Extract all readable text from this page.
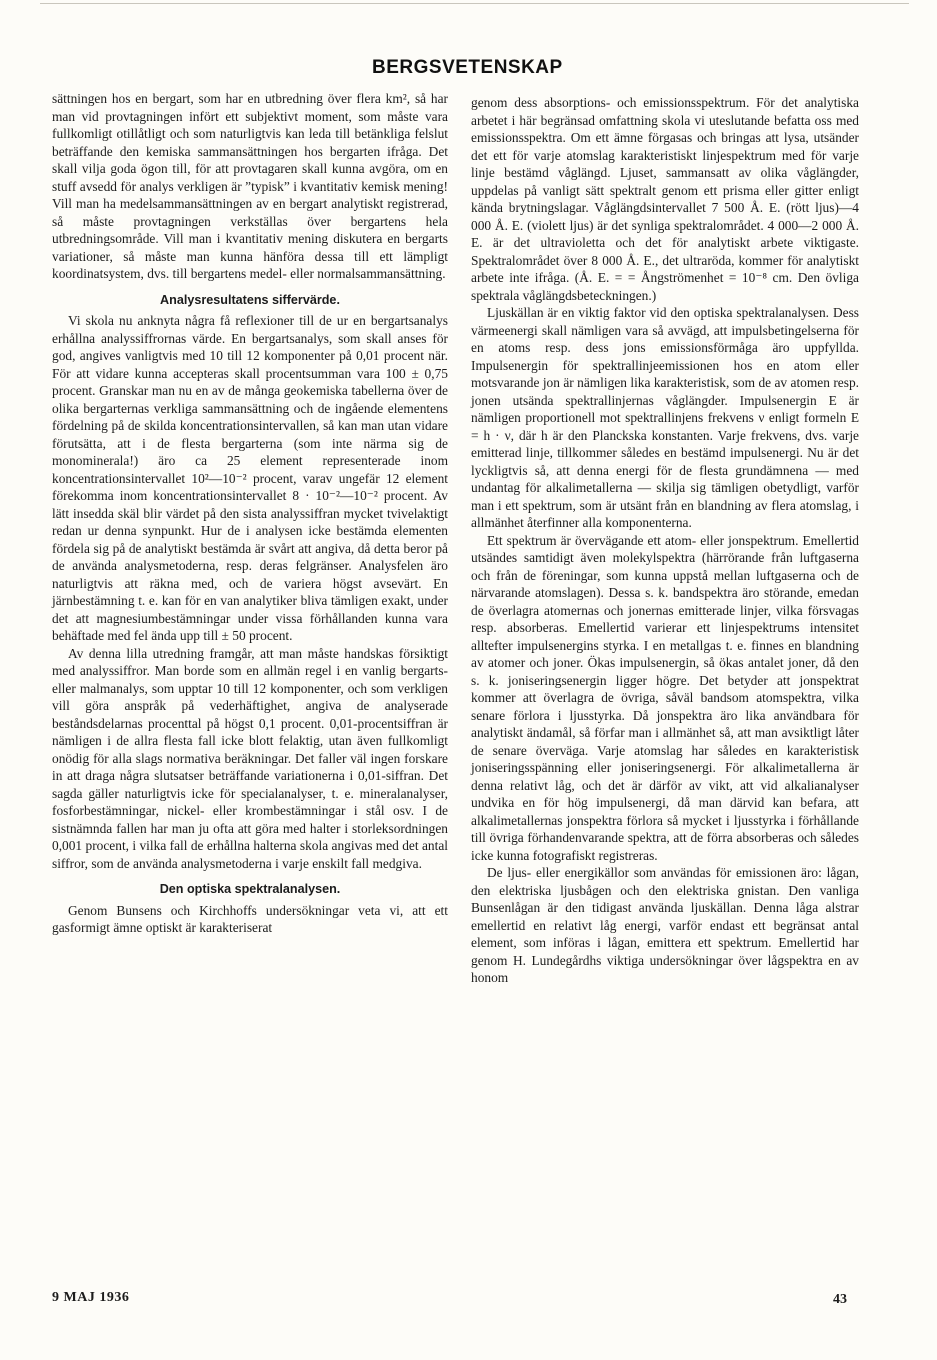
BERGSVETENSKAP

sättningen hos en bergart, som har en utbredning över flera km², så har man vid provtagningen infört ett subjektivt moment, som måste vara fullkomligt otillåtligt och som naturligtvis kan leda till betänkliga felslut beträffande den kemiska sammansättningen hos bergarten ifråga. Det skall vilja goda ögon till, för att provtagaren skall kunna avgöra, om en stuff avsedd för analys verkligen är ”typisk” i kvantitativ kemisk mening! Vill man ha medelsammansättningen av en bergart analytiskt registrerad, så måste provtagningen verkställas över bergartens hela utbredningsområde. Vill man i kvantitativ mening diskutera en bergarts variationer, så måste man kunna hänföra dessa till ett lämpligt koordinatsystem, dvs. till bergartens medel- eller normalsammansättning.

Analysresultatens siffervärde.

Vi skola nu anknyta några få reflexioner till de ur en bergartsanalys erhållna analyssiffrornas värde. En bergartsanalys, som skall anses för god, angives vanligtvis med 10 till 12 komponenter på 0,01 procent när. För att vidare kunna accepteras skall procentsumman vara 100 ± 0,75 procent. Granskar man nu en av de många geokemiska tabellerna över de olika bergarternas verkliga sammansättning och de ingående elementens fördelning på de skilda koncentrationsintervallen, så kan man utan vidare förutsätta, att i de flesta bergarterna (som inte närma sig de monominerala!) äro ca 25 element representerade inom koncentrationsintervallet 10²—10⁻² procent, varav ungefär 12 element förekomma inom koncentrationsintervallet 8 · 10⁻²—10⁻² procent. Av lätt insedda skäl blir värdet på den sista analyssiffran mycket tvivelaktigt redan ur denna synpunkt. Hur de i analysen icke bestämda elementen fördela sig på de analytiskt bestämda är svårt att angiva, då detta beror på de använda analysmetoderna, resp. deras felgränser. Analysfelen äro naturligtvis att räkna med, och de variera högst avsevärt. En järnbestämning t. e. kan för en van analytiker bliva tämligen exakt, under det att magnesiumbestämningar under vissa förhållanden kunna vara behäftade med fel ända upp till ± 50 procent.

Av denna lilla utredning framgår, att man måste handskas försiktigt med analyssiffror. Man borde som en allmän regel i en vanlig bergarts- eller malmanalys, som upptar 10 till 12 komponenter, och som verkligen vill göra anspråk på vederhäftighet, angiva de analyserade beståndsdelarnas procenttal på högst 0,1 procent. 0,01-procentsiffran är nämligen i de allra flesta fall icke blott felaktig, utan även fullkomligt onödig för alla slags normativa beräkningar. Det faller väl ingen forskare in att draga några slutsatser beträffande variationerna i 0,01-siffran. Det sagda gäller naturligtvis icke för specialanalyser, t. e. mineralanalyser, fosforbestämningar, nickel- eller krombestämningar i stål osv. I de sistnämnda fallen har man ju ofta att göra med halter i storleksordningen 0,001 procent, i vilka fall de erhållna halterna skola angivas med det antal siffror, som de använda analysmetoderna i varje enskilt fall medgiva.

Den optiska spektralanalysen.

Genom Bunsens och Kirchhoffs undersökningar veta vi, att ett gasformigt ämne optiskt är karakteriserat

genom dess absorptions- och emissionsspektrum. För det analytiska arbetet i här begränsad omfattning skola vi uteslutande befatta oss med emissionsspektra. Om ett ämne förgasas och bringas att lysa, utsänder det ett för varje atomslag karakteristiskt linjespektrum med för varje linje bestämd våglängd. Ljuset, sammansatt av olika våglängder, uppdelas på vanligt sätt spektralt genom ett prisma eller gitter enligt kända brytningslagar. Våglängdsintervallet 7 500 Å. E. (rött ljus)—4 000 Å. E. (violett ljus) är det synliga spektralområdet. 4 000—2 000 Å. E. är det ultravioletta och det för analytiskt arbete viktigaste. Spektralområdet över 8 000 Å. E., det ultraröda, kommer för analytiskt arbete inte ifråga. (Å. E. = = Ångströmenhet = 10⁻⁸ cm. Den övliga spektrala våglängdsbeteckningen.)

Ljuskällan är en viktig faktor vid den optiska spektralanalysen. Dess värmeenergi skall nämligen vara så avvägd, att impulsbetingelserna för en atoms resp. dess jons emissionsförmåga äro uppfyllda. Impulsenergin för spektrallinjeemissionen hos en atom eller motsvarande jon är nämligen lika karakteristisk, som de av atomen resp. jonen utsända spektrallinjernas våglängder. Impulsenergin E är nämligen proportionell mot spektrallinjens frekvens ν enligt formeln E = h · ν, där h är den Planckska konstanten. Varje frekvens, dvs. varje emitterad linje, tillkommer således en bestämd impulsenergi. Nu är det lyckligtvis så, att denna energi för de flesta grundämnena — med undantag för alkalimetallerna — skilja sig tämligen obetydligt, varför man i ett spektrum, som är utsänt från en blandning av flera atomslag, i allmänhet återfinner alla komponenterna.

Ett spektrum är övervägande ett atom- eller jonspektrum. Emellertid utsändes samtidigt även molekylspektra (härrörande från luftgaserna och från de föreningar, som kunna uppstå mellan luftgaserna och de närvarande atomslagen). Dessa s. k. bandspektra äro störande, emedan de överlagra atomernas och jonernas emitterade linjer, vilka försvagas resp. absorberas. Emellertid varierar ett linjespektrums intensitet alltefter impulsenergins styrka. I en metallgas t. e. finnes en blandning av atomer och joner. Ökas impulsenergin, så ökas antalet joner, då den s. k. joniseringsenergin ligger högre. Det betyder att jonspektrat kommer att överlagra de övriga, såväl bandsom atomspektra, vilka senare förlora i ljusstyrka. Då jonspektra äro lika användbara för analytiskt ändamål, så förfar man i allmänhet så, att man avsiktligt låter de senare överväga. Varje atomslag har således en karakteristisk joniseringsspänning eller joniseringsenergi. För alkalimetallerna är denna relativt låg, och det är därför av vikt, att vid alkalianalyser undvika en för hög impulsenergi, då man därvid kan befara, att alkalimetallernas jonspektra förlora så mycket i ljusstyrka i förhållande till övriga förhandenvarande spektra, att de förra absorberas och således icke kunna fotografiskt registreras.

De ljus- eller energikällor som användas för emissionen äro: lågan, den elektriska ljusbågen och den elektriska gnistan. Den vanliga Bunsenlågan är den tidigast använda ljuskällan. Denna låga alstrar emellertid en relativt låg energi, varför endast ett begränsat antal element, som införas i lågan, emittera ett spektrum. Emellertid har genom H. Lundegårdhs viktiga undersökningar över lågspektra en av honom

9 MAJ 1936	43
